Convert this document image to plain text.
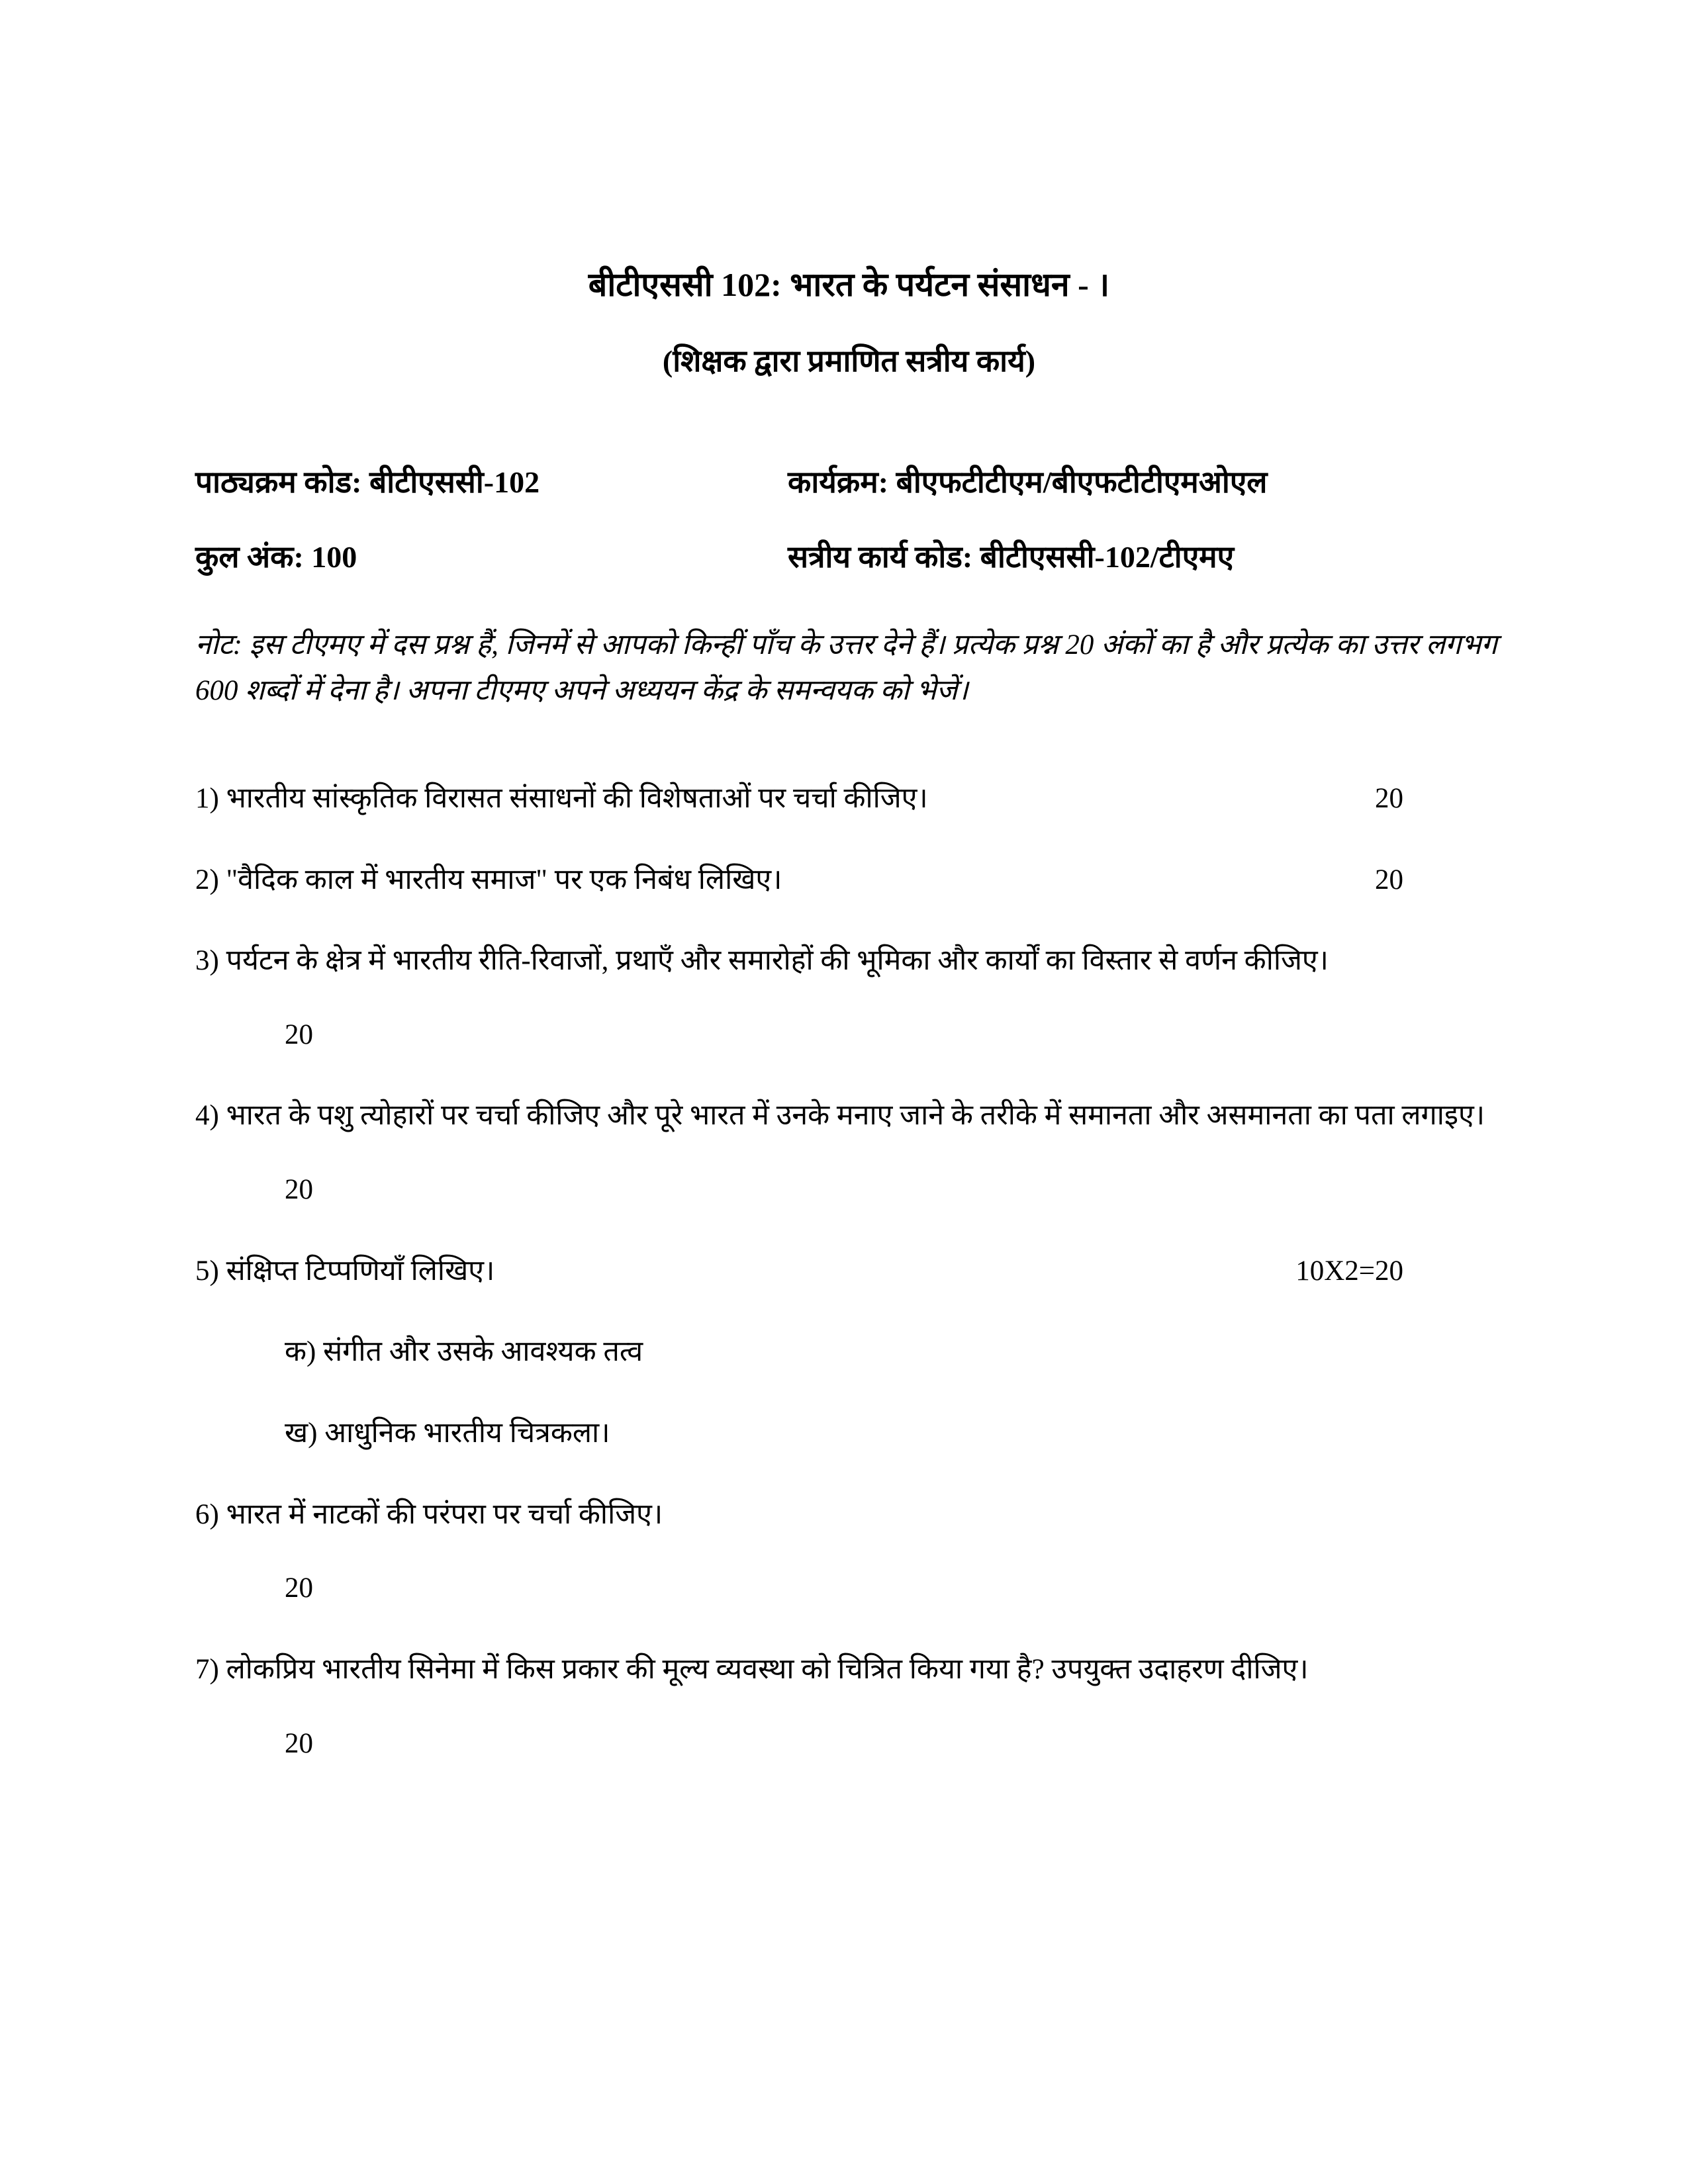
बीटीएससी 102: भारत के पर्यटन संसाधन - ।
(शिक्षक द्वारा प्रमाणित सत्रीय कार्य)
पाठ्यक्रम कोड: बीटीएससी-102	कार्यक्रम: बीएफटीटीएम/बीएफटीटीएमओएल
कुल अंक: 100	सत्रीय कार्य कोड: बीटीएससी-102/टीएमए

नोट: इस टीएमए में दस प्रश्न हैं, जिनमें से आपको किन्हीं पाँच के उत्तर देने हैं। प्रत्येक प्रश्न 20 अंकों का है और प्रत्येक का उत्तर लगभग 600 शब्दों में देना है। अपना टीएमए अपने अध्ययन केंद्र के समन्वयक को भेजें।

1) भारतीय सांस्कृतिक विरासत संसाधनों की विशेषताओं पर चर्चा कीजिए।	20

2) "वैदिक काल में भारतीय समाज" पर एक निबंध लिखिए।	20

3) पर्यटन के क्षेत्र में भारतीय रीति-रिवाजों, प्रथाएँ और समारोहों की भूमिका और कार्यों का विस्तार से वर्णन कीजिए।

20

4) भारत के पशु त्योहारों पर चर्चा कीजिए और पूरे भारत में उनके मनाए जाने के तरीके में समानता और असमानता का पता लगाइए।

20

5) संक्षिप्त टिप्पणियाँ लिखिए।	10X2=20

क) संगीत और उसके आवश्यक तत्व

ख) आधुनिक भारतीय चित्रकला।

6) भारत में नाटकों की परंपरा पर चर्चा कीजिए।

20

7) लोकप्रिय भारतीय सिनेमा में किस प्रकार की मूल्य व्यवस्था को चित्रित किया गया है? उपयुक्त उदाहरण दीजिए।

20
